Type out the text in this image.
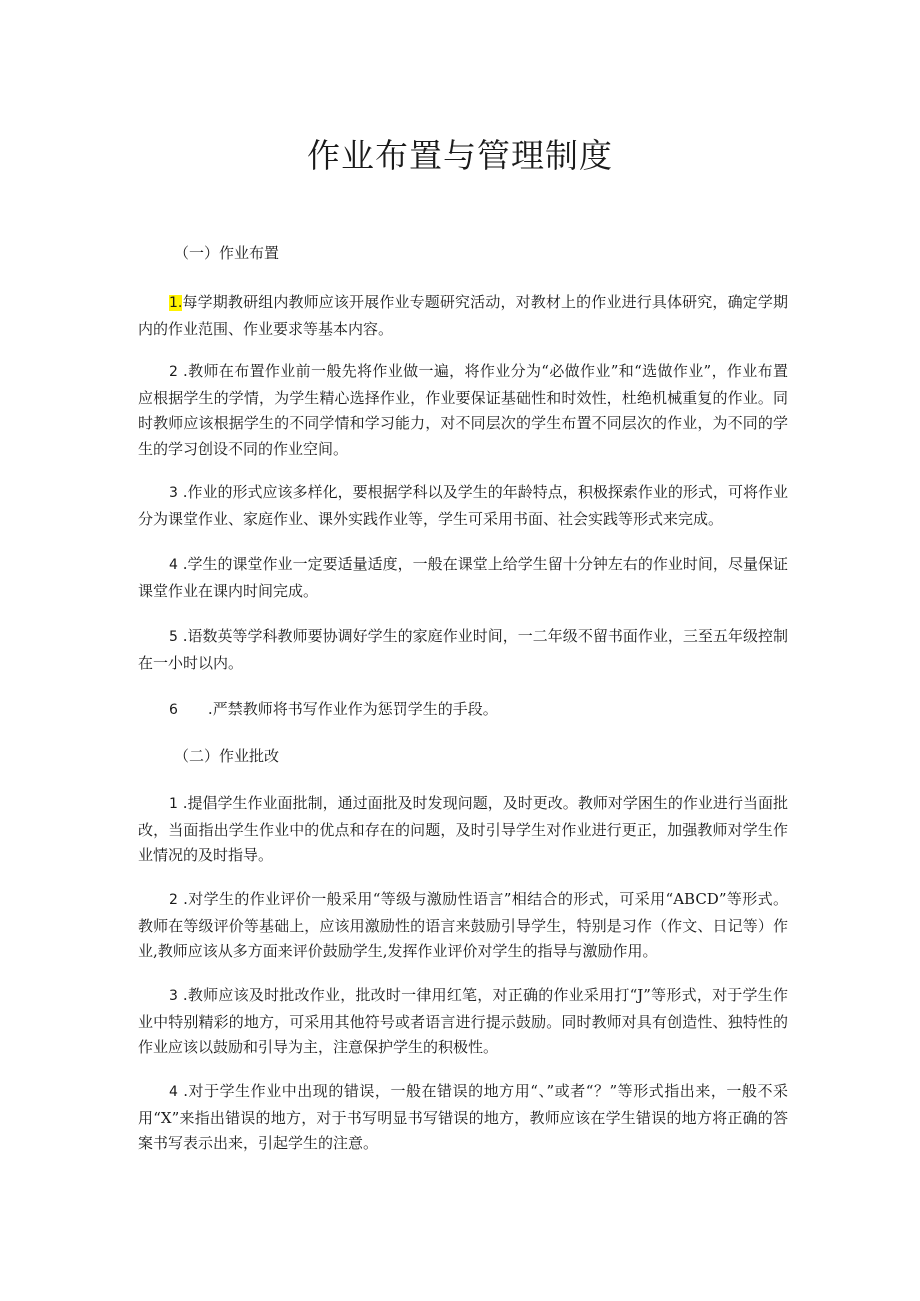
作业布置与管理制度

（一）作业布置

1.每学期教研组内教师应该开展作业专题研究活动，对教材上的作业进行具体研究，确定学期内的作业范围、作业要求等基本内容。

2 .教师在布置作业前一般先将作业做一遍，将作业分为“必做作业”和“选做作业”，作业布置应根据学生的学情，为学生精心选择作业，作业要保证基础性和时效性，杜绝机械重复的作业。同时教师应该根据学生的不同学情和学习能力，对不同层次的学生布置不同层次的作业，为不同的学生的学习创设不同的作业空间。

3 .作业的形式应该多样化，要根据学科以及学生的年龄特点，积极探索作业的形式，可将作业分为课堂作业、家庭作业、课外实践作业等，学生可采用书面、社会实践等形式来完成。

4 .学生的课堂作业一定要适量适度，一般在课堂上给学生留十分钟左右的作业时间，尽量保证课堂作业在课内时间完成。

5 .语数英等学科教师要协调好学生的家庭作业时间，一二年级不留书面作业，三至五年级控制在一小时以内。

6 .严禁教师将书写作业作为惩罚学生的手段。

（二）作业批改

1 .提倡学生作业面批制，通过面批及时发现问题，及时更改。教师对学困生的作业进行当面批改，当面指出学生作业中的优点和存在的问题，及时引导学生对作业进行更正，加强教师对学生作业情况的及时指导。

2 .对学生的作业评价一般采用“等级与激励性语言”相结合的形式，可采用“ABCD”等形式。教师在等级评价等基础上，应该用激励性的语言来鼓励引导学生，特别是习作（作文、日记等）作业,教师应该从多方面来评价鼓励学生,发挥作业评价对学生的指导与激励作用。

3 .教师应该及时批改作业，批改时一律用红笔，对正确的作业采用打“J”等形式，对于学生作业中特别精彩的地方，可采用其他符号或者语言进行提示鼓励。同时教师对具有创造性、独特性的作业应该以鼓励和引导为主，注意保护学生的积极性。

4 .对于学生作业中出现的错误，一般在错误的地方用“、”或者“？”等形式指出来，一般不采用“X”来指出错误的地方，对于书写明显书写错误的地方，教师应该在学生错误的地方将正确的答案书写表示出来，引起学生的注意。
